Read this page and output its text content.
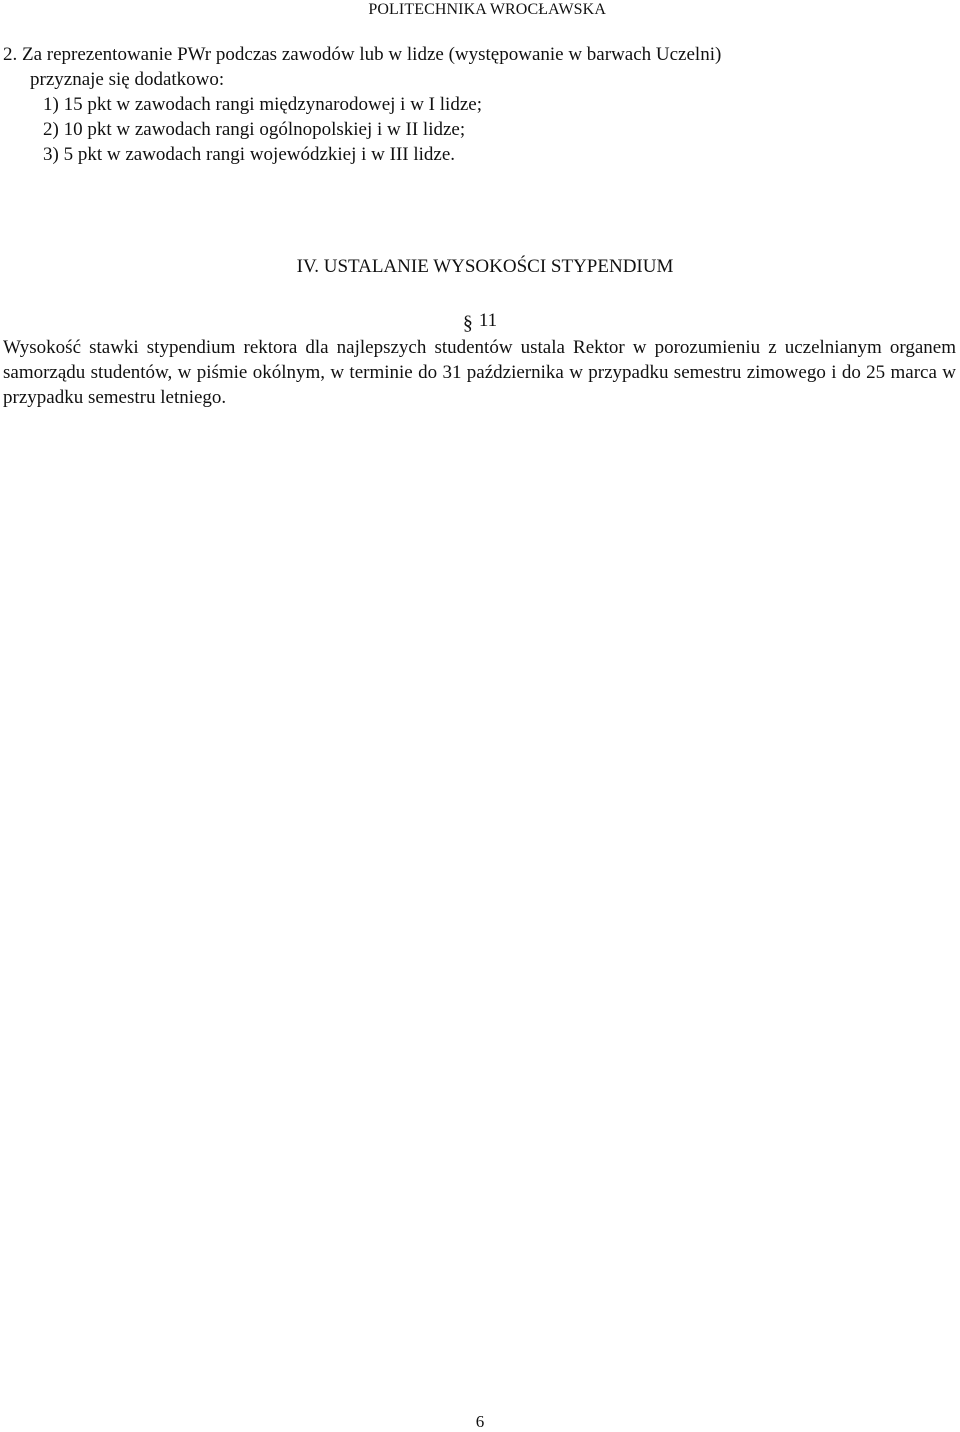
POLITECHNIKA WROCŁAWSKA
2. Za reprezentowanie PWr podczas zawodów lub w lidze (występowanie w barwach Uczelni)
przyznaje się dodatkowo:
1) 15 pkt w zawodach rangi międzynarodowej i w I lidze;
2) 10 pkt w zawodach rangi ogólnopolskiej i w II lidze;
3) 5 pkt w zawodach rangi wojewódzkiej i w III lidze.
IV. USTALANIE WYSOKOŚCI STYPENDIUM
§ 11
Wysokość stawki stypendium rektora dla najlepszych studentów ustala Rektor w porozumieniu z uczelnianym organem samorządu studentów, w piśmie okólnym, w terminie do 31 października w przypadku semestru zimowego i do 25 marca w przypadku semestru letniego.
6
